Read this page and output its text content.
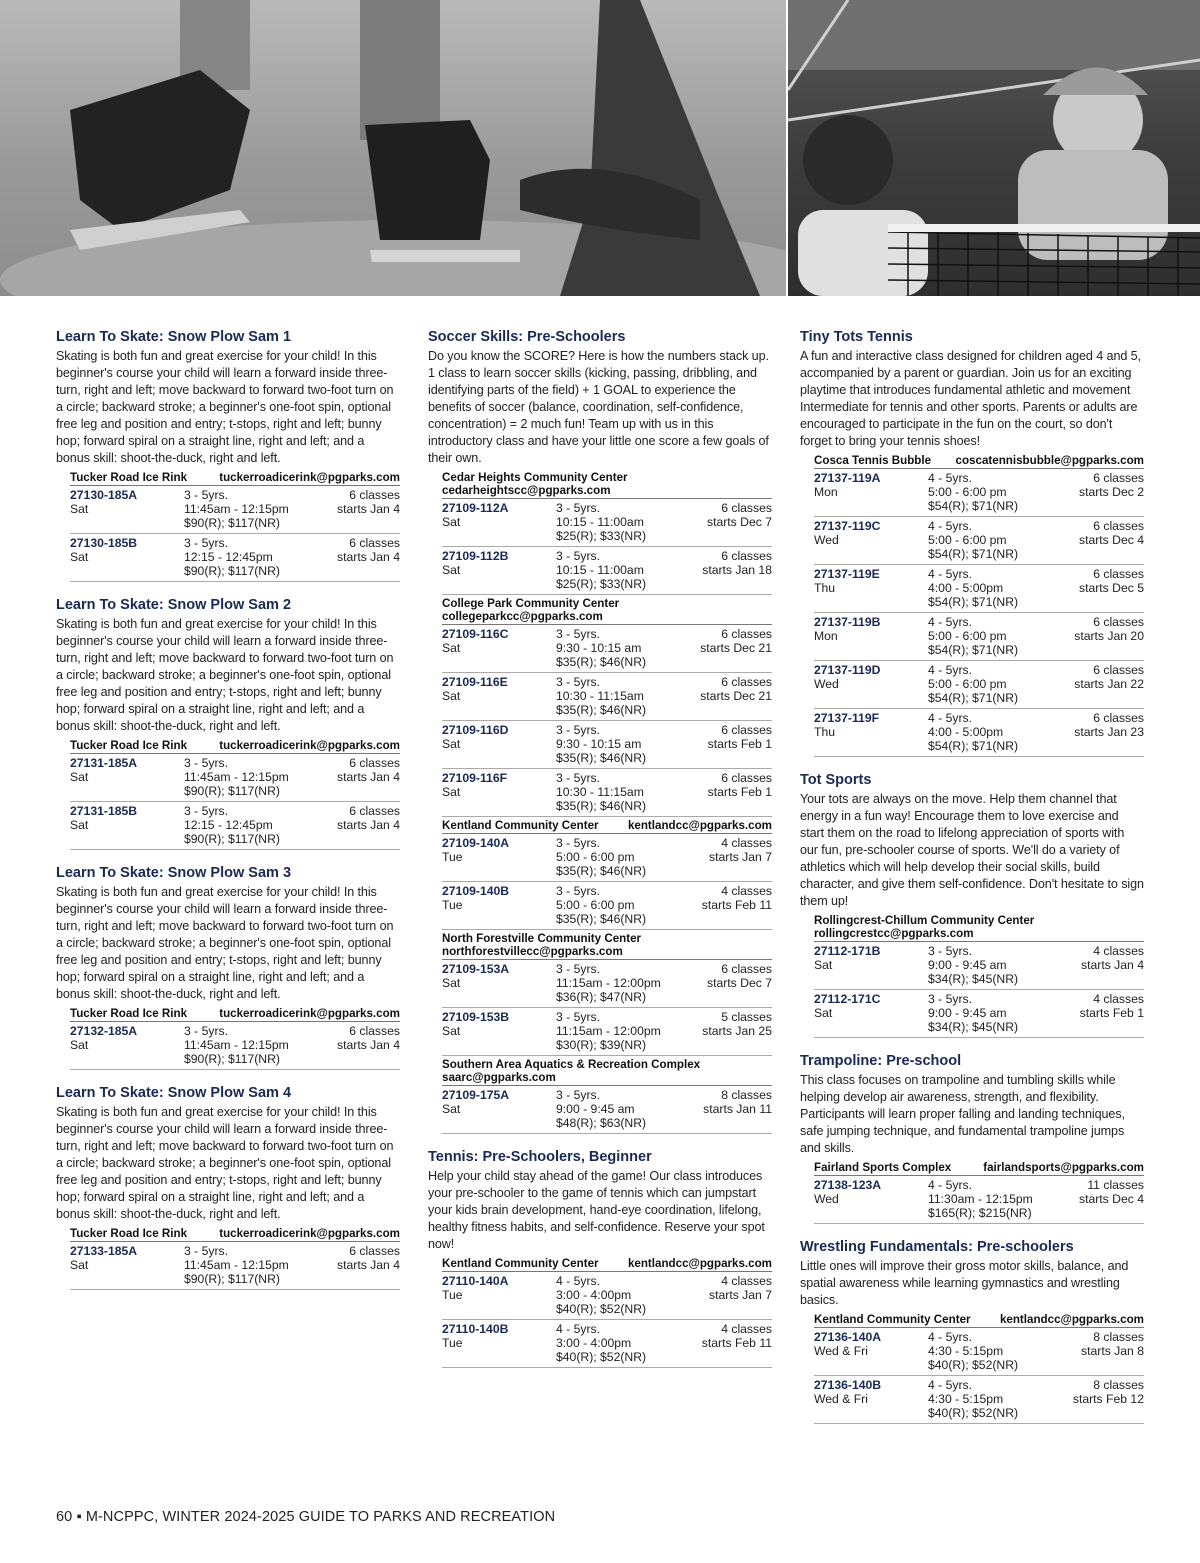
Learn To Skate: Snow Plow Sam 1
Skating is both fun and great exercise for your child! In this beginner's course your child will learn a forward inside three-turn, right and left; move backward to forward two-foot turn on a circle; backward stroke; a beginner's one-foot spin, optional free leg and position and entry; t-stops, right and left; bunny hop; forward spiral on a straight line, right and left; and a bonus skill: shoot-the-duck, right and left.
Tucker Road Ice Rink	tuckerroadicerink@pgparks.com
27130-185A	3 - 5yrs.	6 classes
Sat	11:45am - 12:15pm	starts Jan 4
$90(R); $117(NR)
27130-185B	3 - 5yrs.	6 classes
Sat	12:15 - 12:45pm	starts Jan 4
$90(R); $117(NR)
Learn To Skate: Snow Plow Sam 2
Skating is both fun and great exercise for your child! In this beginner's course your child will learn a forward inside three-turn, right and left; move backward to forward two-foot turn on a circle; backward stroke; a beginner's one-foot spin, optional free leg and position and entry; t-stops, right and left; bunny hop; forward spiral on a straight line, right and left; and a bonus skill: shoot-the-duck, right and left.
Tucker Road Ice Rink	tuckerroadicerink@pgparks.com
27131-185A	3 - 5yrs.	6 classes
Sat	11:45am - 12:15pm	starts Jan 4
$90(R); $117(NR)
27131-185B	3 - 5yrs.	6 classes
Sat	12:15 - 12:45pm	starts Jan 4
$90(R); $117(NR)
Learn To Skate: Snow Plow Sam 3
Skating is both fun and great exercise for your child! In this beginner's course your child will learn a forward inside three-turn, right and left; move backward to forward two-foot turn on a circle; backward stroke; a beginner's one-foot spin, optional free leg and position and entry; t-stops, right and left; bunny hop; forward spiral on a straight line, right and left; and a bonus skill: shoot-the-duck, right and left.
Tucker Road Ice Rink	tuckerroadicerink@pgparks.com
27132-185A	3 - 5yrs.	6 classes
Sat	11:45am - 12:15pm	starts Jan 4
$90(R); $117(NR)
Learn To Skate: Snow Plow Sam 4
Skating is both fun and great exercise for your child! In this beginner's course your child will learn a forward inside three-turn, right and left; move backward to forward two-foot turn on a circle; backward stroke; a beginner's one-foot spin, optional free leg and position and entry; t-stops, right and left; bunny hop; forward spiral on a straight line, right and left; and a bonus skill: shoot-the-duck, right and left.
Tucker Road Ice Rink	tuckerroadicerink@pgparks.com
27133-185A	3 - 5yrs.	6 classes
Sat	11:45am - 12:15pm	starts Jan 4
$90(R); $117(NR)
Soccer Skills: Pre-Schoolers
Do you know the SCORE? Here is how the numbers stack up. 1 class to learn soccer skills (kicking, passing, dribbling, and identifying parts of the field) + 1 GOAL to experience the benefits of soccer (balance, coordination, self-confidence, concentration) = 2 much fun! Team up with us in this introductory class and have your little one score a few goals of their own.
Cedar Heights Community Center
cedarheightscc@pgparks.com
27109-112A	3 - 5yrs.	6 classes
Sat	10:15 - 11:00am	starts Dec 7
$25(R); $33(NR)
27109-112B	3 - 5yrs.	6 classes
Sat	10:15 - 11:00am	starts Jan 18
$25(R); $33(NR)
College Park Community Center
collegeparkcc@pgparks.com
27109-116C	3 - 5yrs.	6 classes
Sat	9:30 - 10:15 am	starts Dec 21
$35(R); $46(NR)
27109-116E	3 - 5yrs.	6 classes
Sat	10:30 - 11:15am	starts Dec 21
$35(R); $46(NR)
27109-116D	3 - 5yrs.	6 classes
Sat	9:30 - 10:15 am	starts Feb 1
$35(R); $46(NR)
27109-116F	3 - 5yrs.	6 classes
Sat	10:30 - 11:15am	starts Feb 1
$35(R); $46(NR)
Kentland Community Center	kentlandcc@pgparks.com
27109-140A	3 - 5yrs.	4 classes
Tue	5:00 - 6:00 pm	starts Jan 7
$35(R); $46(NR)
27109-140B	3 - 5yrs.	4 classes
Tue	5:00 - 6:00 pm	starts Feb 11
$35(R); $46(NR)
North Forestville Community Center
northforestvillecc@pgparks.com
27109-153A	3 - 5yrs.	6 classes
Sat	11:15am - 12:00pm	starts Dec 7
$36(R); $47(NR)
27109-153B	3 - 5yrs.	5 classes
Sat	11:15am - 12:00pm	starts Jan 25
$30(R); $39(NR)
Southern Area Aquatics & Recreation Complex
saarc@pgparks.com
27109-175A	3 - 5yrs.	8 classes
Sat	9:00 - 9:45 am	starts Jan 11
$48(R); $63(NR)
Tennis: Pre-Schoolers, Beginner
Help your child stay ahead of the game! Our class introduces your pre-schooler to the game of tennis which can jumpstart your kids brain development, hand-eye coordination, lifelong, healthy fitness habits, and self-confidence. Reserve your spot now!
Kentland Community Center	kentlandcc@pgparks.com
27110-140A	4 - 5yrs.	4 classes
Tue	3:00 - 4:00pm	starts Jan 7
$40(R); $52(NR)
27110-140B	4 - 5yrs.	4 classes
Tue	3:00 - 4:00pm	starts Feb 11
$40(R); $52(NR)
Tiny Tots Tennis
A fun and interactive class designed for children aged 4 and 5, accompanied by a parent or guardian. Join us for an exciting playtime that introduces fundamental athletic and movement Intermediate for tennis and other sports. Parents or adults are encouraged to participate in the fun on the court, so don't forget to bring your tennis shoes!
Cosca Tennis Bubble coscatennisbubble@pgparks.com
27137-119A	4 - 5yrs.	6 classes
Mon	5:00 - 6:00 pm	starts Dec 2
$54(R); $71(NR)
27137-119C	4 - 5yrs.	6 classes
Wed	5:00 - 6:00 pm	starts Dec 4
$54(R); $71(NR)
27137-119E	4 - 5yrs.	6 classes
Thu	4:00 - 5:00pm	starts Dec 5
$54(R); $71(NR)
27137-119B	4 - 5yrs.	6 classes
Mon	5:00 - 6:00 pm	starts Jan 20
$54(R); $71(NR)
27137-119D	4 - 5yrs.	6 classes
Wed	5:00 - 6:00 pm	starts Jan 22
$54(R); $71(NR)
27137-119F	4 - 5yrs.	6 classes
Thu	4:00 - 5:00pm	starts Jan 23
$54(R); $71(NR)
Tot Sports
Your tots are always on the move. Help them channel that energy in a fun way! Encourage them to love exercise and start them on the road to lifelong appreciation of sports with our fun, pre-schooler course of sports. We'll do a variety of athletics which will help develop their social skills, build character, and give them self-confidence. Don't hesitate to sign them up!
Rollingcrest-Chillum Community Center
rollingcrestcc@pgparks.com
27112-171B	3 - 5yrs.	4 classes
Sat	9:00 - 9:45 am	starts Jan 4
$34(R); $45(NR)
27112-171C	3 - 5yrs.	4 classes
Sat	9:00 - 9:45 am	starts Feb 1
$34(R); $45(NR)
Trampoline: Pre-school
This class focuses on trampoline and tumbling skills while helping develop air awareness, strength, and flexibility. Participants will learn proper falling and landing techniques, safe jumping technique, and fundamental trampoline jumps and skills.
Fairland Sports Complex	fairlandsports@pgparks.com
27138-123A	4 - 5yrs.	11 classes
Wed	11:30am - 12:15pm	starts Dec 4
$165(R); $215(NR)
Wrestling Fundamentals: Pre-schoolers
Little ones will improve their gross motor skills, balance, and spatial awareness while learning gymnastics and wrestling basics.
Kentland Community Center	kentlandcc@pgparks.com
27136-140A	4 - 5yrs.	8 classes
Wed & Fri	4:30 - 5:15pm	starts Jan 8
$40(R); $52(NR)
27136-140B	4 - 5yrs.	8 classes
Wed & Fri	4:30 - 5:15pm	starts Feb 12
$40(R); $52(NR)
60 ▪ M-NCPPC, WINTER 2024-2025 GUIDE TO PARKS AND RECREATION
